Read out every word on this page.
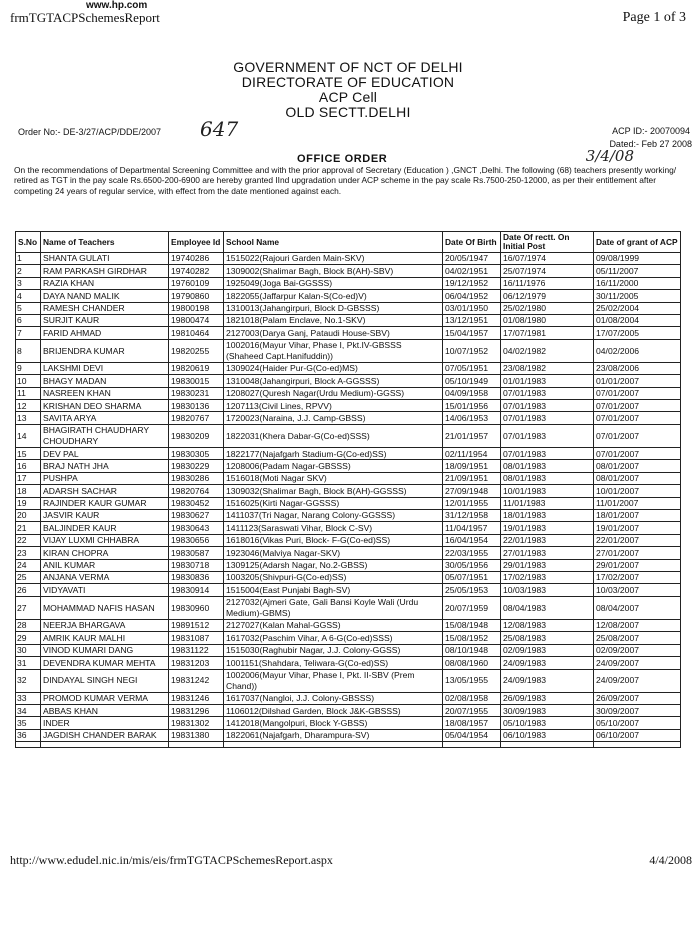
www.hp.com
frmTGTACPSchemesReport	Page 1 of 3
GOVERNMENT OF NCT OF DELHI
DIRECTORATE OF EDUCATION
ACP Cell
OLD SECTT.DELHI
Order No:- DE-3/27/ACP/DDE/2007 647	ACP ID:- 20070094
Dated:- Feb 27 2008
3/4/08
OFFICE ORDER
On the recommendations of Departmental Screening Committee and with the prior approval of Secretary (Education ) ,GNCT ,Delhi. The following (68) teachers presently working/ retired as TGT in the pay scale Rs.6500-200-6900 are hereby granted IInd upgradation under ACP scheme in the pay scale Rs.7500-250-12000, as per their entitlement after competing 24 years of regular service, with effect from the date mentioned against each.
S.No	Name of Teachers	Employee Id	School Name	Date Of Birth	Date Of rectt. On Initial Post	Date of grant of ACP
1	SHANTA GULATI	19740286	1515022(Rajouri Garden Main-SKV)	20/05/1947	16/07/1974	09/08/1999
2	RAM PARKASH GIRDHAR	19740282	1309002(Shalimar Bagh, Block B(AH)-SBV)	04/02/1951	25/07/1974	05/11/2007
3	RAZIA KHAN	19760109	1925049(Joga Bai-GGSSS)	19/12/1952	16/11/1976	16/11/2000
4	DAYA NAND MALIK	19790860	1822055(Jaffarpur Kalan-S(Co-ed)V)	06/04/1952	06/12/1979	30/11/2005
5	RAMESH CHANDER	19800198	1310013(Jahangirpuri, Block D-GBSSS)	03/01/1950	25/02/1980	25/02/2004
6	SURJIT KAUR	19800474	1821018(Palam Enclave, No.1-SKV)	13/12/1951	01/08/1980	01/08/2004
7	FARID AHMAD	19810464	2127003(Darya Ganj, Pataudi House-SBV)	15/04/1957	17/07/1981	17/07/2005
8	BRIJENDRA KUMAR	19820255	1002016(Mayur Vihar, Phase I, Pkt.IV-GBSSS (Shaheed Capt.Hanifuddin))	10/07/1952	04/02/1982	04/02/2006
9	LAKSHMI DEVI	19820619	1309024(Haider Pur-G(Co-ed)MS)	07/05/1951	23/08/1982	23/08/2006
10	BHAGY MADAN	19830015	1310048(Jahangirpuri, Block A-GGSSS)	05/10/1949	01/01/1983	01/01/2007
11	NASREEN KHAN	19830231	1208027(Quresh Nagar(Urdu Medium)-GGSS)	04/09/1958	07/01/1983	07/01/2007
12	KRISHAN DEO SHARMA	19830136	1207113(Civil Lines, RPVV)	15/01/1956	07/01/1983	07/01/2007
13	SAVITA ARYA	19820767	1720023(Naraina, J.J. Camp-GBSS)	14/06/1953	07/01/1983	07/01/2007
14	BHAGIRATH CHAUDHARY CHOUDHARY	19830209	1822031(Khera Dabar-G(Co-ed)SSS)	21/01/1957	07/01/1983	07/01/2007
15	DEV PAL	19830305	1822177(Najafgarh Stadium-G(Co-ed)SS)	02/11/1954	07/01/1983	07/01/2007
16	BRAJ NATH JHA	19830229	1208006(Padam Nagar-GBSSS)	18/09/1951	08/01/1983	08/01/2007
17	PUSHPA	19830286	1516018(Moti Nagar SKV)	21/09/1951	08/01/1983	08/01/2007
18	ADARSH SACHAR	19820764	1309032(Shalimar Bagh, Block B(AH)-GGSSS)	27/09/1948	10/01/1983	10/01/2007
19	RAJINDER KAUR GUMAR	19830452	1516025(Kirti Nagar-GGSSS)	12/01/1955	11/01/1983	11/01/2007
20	JASVIR KAUR	19830627	1411037(Tri Nagar, Narang Colony-GGSSS)	31/12/1958	18/01/1983	18/01/2007
21	BALJINDER KAUR	19830643	1411123(Saraswati Vihar, Block C-SV)	11/04/1957	19/01/1983	19/01/2007
22	VIJAY LUXMI CHHABRA	19830656	1618016(Vikas Puri, Block- F-G(Co-ed)SS)	16/04/1954	22/01/1983	22/01/2007
23	KIRAN CHOPRA	19830587	1923046(Malviya Nagar-SKV)	22/03/1955	27/01/1983	27/01/2007
24	ANIL KUMAR	19830718	1309125(Adarsh Nagar, No.2-GBSS)	30/05/1956	29/01/1983	29/01/2007
25	ANJANA VERMA	19830836	1003205(Shivpuri-G(Co-ed)SS)	05/07/1951	17/02/1983	17/02/2007
26	VIDYAVATI	19830914	1515004(East Punjabi Bagh-SV)	25/05/1953	10/03/1983	10/03/2007
27	MOHAMMAD NAFIS HASAN	19830960	2127032(Ajmeri Gate, Gali Bansi Koyle Wali (Urdu Medium)-GBMS)	20/07/1959	08/04/1983	08/04/2007
28	NEERJA BHARGAVA	19891512	2127027(Kalan Mahal-GGSS)	15/08/1948	12/08/1983	12/08/2007
29	AMRIK KAUR MALHI	19831087	1617032(Paschim Vihar, A 6-G(Co-ed)SSS)	15/08/1952	25/08/1983	25/08/2007
30	VINOD KUMARI DANG	19831122	1515030(Raghubir Nagar, J.J. Colony-GGSS)	08/10/1948	02/09/1983	02/09/2007
31	DEVENDRA KUMAR MEHTA	19831203	1001151(Shahdara, Teliwara-G(Co-ed)SS)	08/08/1960	24/09/1983	24/09/2007
32	DINDAYAL SINGH NEGI	19831242	1002006(Mayur Vihar, Phase I, Pkt. II-SBV (Prem Chand))	13/05/1955	24/09/1983	24/09/2007
33	PROMOD KUMAR VERMA	19831246	1617037(Nangloi, J.J. Colony-GBSSS)	02/08/1958	26/09/1983	26/09/2007
34	ABBAS KHAN	19831296	1106012(Dilshad Garden, Block J&K-GBSSS)	20/07/1955	30/09/1983	30/09/2007
35	INDER	19831302	1412018(Mangolpuri, Block Y-GBSS)	18/08/1957	05/10/1983	05/10/2007
36	JAGDISH CHANDER BARAK	19831380	1822061(Najafgarh, Dharampura-SV)	05/04/1954	06/10/1983	06/10/2007

http://www.edudel.nic.in/mis/eis/frmTGTACPSchemesReport.aspx	4/4/2008
